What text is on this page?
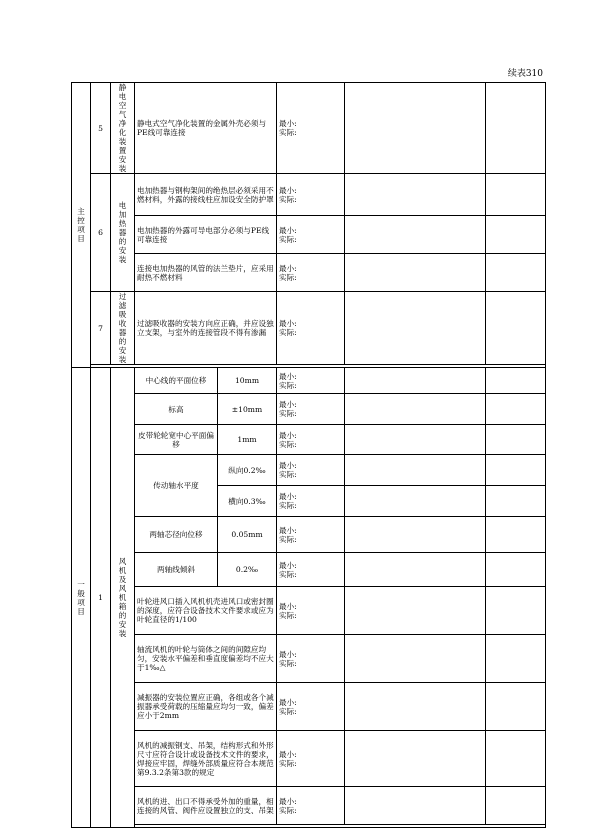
续表310
主控项目	5	静电空气净化装置安装	静电式空气净化装置的金属外壳必须与PE线可靠连接		最小:
实际:		

	6	电加热器的安装	电加热器与钢构架间的绝热层必须采用不燃材料，外露的接线柱应加设安全防护罩		最小:
实际:		

			电加热器的外露可导电部分必须与PE线可靠连接		最小:
实际:		

			连接电加热器的风管的法兰垫片，应采用耐热不燃材料		最小:
实际:		

	7	过滤吸收器的安装	过滤吸收器的安装方向应正确，并应设独立支架，与室外的连接管段不得有渗漏		最小:
实际:		

一般项目	1	风机及风机箱的安装	中心线的平面位移	10mm	最小:
实际:		

			标高	±10mm	最小:
实际:		

			皮带轮轮宽中心平面偏移	1mm	最小:
实际:		

			传动轴水平度	纵向0.2‰	最小:
实际:		

				横向0.3‰	最小:
实际:		

			两轴芯径向位移	0.05mm	最小:
实际:		

			两轴线倾斜	0.2‰	最小:
实际:		

			叶轮进风口插入风机机壳进风口或密封圈的深度，应符合设备技术文件要求或应为叶轮直径的1/100		最小:
实际:		

			轴流风机的叶轮与筒体之间的间隙应均匀，安装水平偏差和垂直度偏差均不应大于1‰△		最小:
实际:		

			减振器的安装位置应正确，各组或各个减振器承受荷载的压缩量应均匀一致，偏差应小于2mm		最小:
实际:		

			风机的减振钢支、吊架，结构形式和外形尺寸应符合设计或设备技术文件的要求，焊接应牢固，焊缝外部质量应符合本规范第9.3.2条第3款的规定		最小:
实际:		

			风机的进、出口不得承受外加的重量，相连接的风管、阀件应设置独立的支、吊架		最小:
实际:		
